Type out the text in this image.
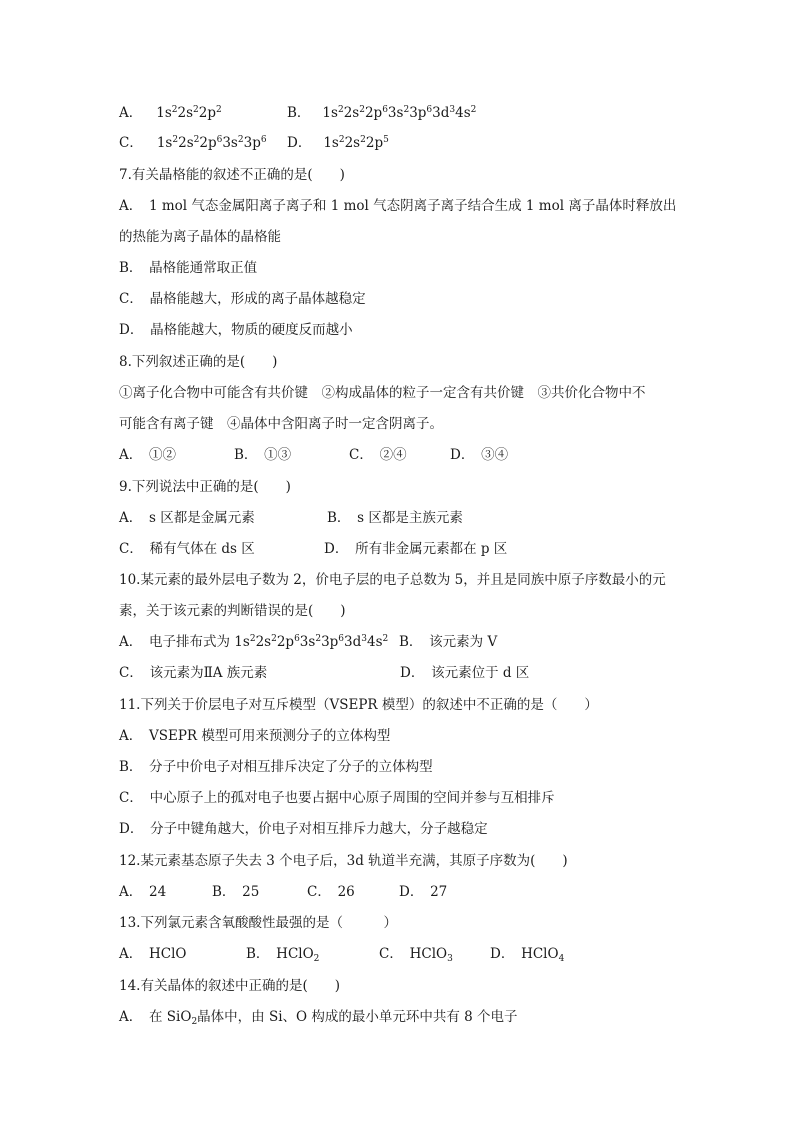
A． $1s^22s^22p^2$	B． $1s^22s^22p^63s^23p^63d^34s^2$
C． $1s^22s^22p^63s^23p^6$ D． $1s^22s^22p^5$
7.有关晶格能的叙述不正确的是(　　)
A．　1 mol 气态金属阳离子离子和 1 mol 气态阴离子离子结合生成 1 mol 离子晶体时释放出
的热能为离子晶体的晶格能
B．　晶格能通常取正值
C．　晶格能越大，形成的离子晶体越稳定
D．　晶格能越大，物质的硬度反而越小
8.下列叙述正确的是(　　)
①离子化合物中可能含有共价键　②构成晶体的粒子一定含有共价键　③共价化合物中不
可能含有离子键　④晶体中含阳离子时一定含阴离子。
A．　①②	B．　①③	C．　②④	D．　③④
9.下列说法中正确的是(　　)
A．　s 区都是金属元素	B．　s 区都是主族元素
C．　稀有气体在 ds 区	D．　所有非金属元素都在 p 区
10.某元素的最外层电子数为 2，价电子层的电子总数为 5，并且是同族中原子序数最小的元
素，关于该元素的判断错误的是(　　)
A．　电子排布式为 $1s^22s^22p^63s^23p^63d^34s^2$ B．　该元素为 V
C．　该元素为ⅡA 族元素	D．　该元素位于 d 区
11.下列关于价层电子对互斥模型（VSEPR 模型）的叙述中不正确的是（　　）
A．　VSEPR 模型可用来预测分子的立体构型
B．　分子中价电子对相互排斥决定了分子的立体构型
C．　中心原子上的孤对电子也要占据中心原子周围的空间并参与互相排斥
D．　分子中键角越大，价电子对相互排斥力越大，分子越稳定
12.某元素基态原子失去 3 个电子后，3d 轨道半充满，其原子序数为(　　)
A．　24	B．　25	C．　26	D．　27
13.下列氯元素含氧酸酸性最强的是（　　　）
A．　HClO	B．　HClO$_2$	C．　HClO$_3$	D．　HClO$_4$
14.有关晶体的叙述中正确的是(　　)
A．　在 SiO$_2$晶体中，由 Si、O 构成的最小单元环中共有 8 个电子
